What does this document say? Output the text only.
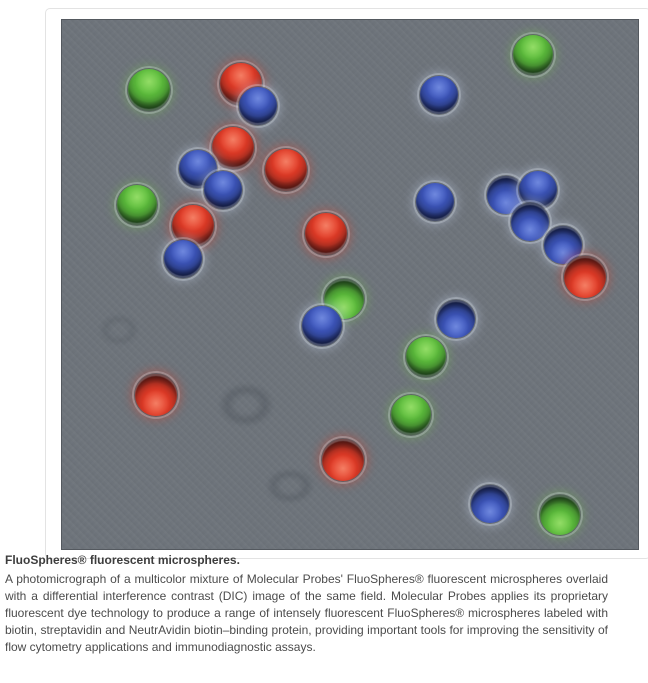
FluoSpheres® fluorescent microspheres.

A photomicrograph of a multicolor mixture of Molecular Probes' FluoSpheres® fluorescent microspheres overlaid with a differential interference contrast (DIC) image of the same field. Molecular Probes applies its proprietary fluorescent dye technology to produce a range of intensely fluorescent FluoSpheres® microspheres labeled with biotin, streptavidin and NeutrAvidin biotin–binding protein, providing important tools for improving the sensitivity of flow cytometry applications and immunodiagnostic assays.
